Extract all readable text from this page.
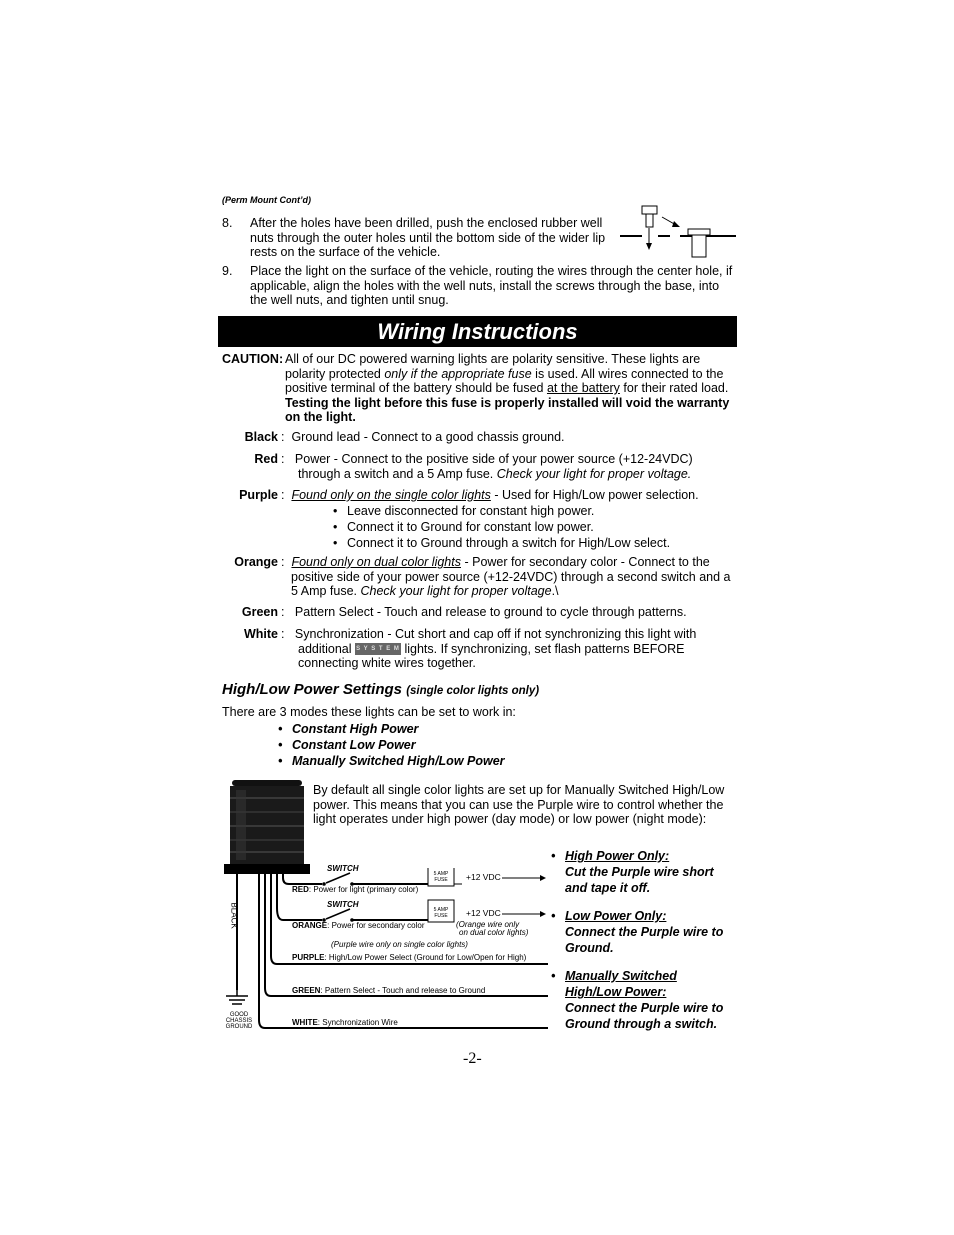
(Perm Mount Cont’d)
8. After the holes have been drilled, push the enclosed rubber well
nuts through the outer holes until the bottom side of the wider lip
rests on the surface of the vehicle.
9. Place the light on the surface of the vehicle, routing the wires through the center hole, if
applicable, align the holes with the well nuts, install the screws through the base, into
the well nuts, and tighten until snug.
Wiring Instructions
CAUTION: All of our DC powered warning lights are polarity sensitive. These lights are
polarity protected only if the appropriate fuse is used. All wires connected to the
positive terminal of the battery should be fused at the battery for their rated load.
Testing the light before this fuse is properly installed will void the warranty
on the light.
Black : Ground lead - Connect to a good chassis ground.
Red : Power - Connect to the positive side of your power source (+12-24VDC)
through a switch and a 5 Amp fuse. Check your light for proper voltage.
Purple : Found only on the single color lights - Used for High/Low power selection.
• Leave disconnected for constant high power.
• Connect it to Ground for constant low power.
• Connect it to Ground through a switch for High/Low select.
Orange : Found only on dual color lights - Power for secondary color - Connect to the
positive side of your power source (+12-24VDC) through a second switch and a
5 Amp fuse. Check your light for proper voltage.\
Green : Pattern Select - Touch and release to ground to cycle through patterns.
White : Synchronization - Cut short and cap off if not synchronizing this light with
additional S Y S T E M lights. If synchronizing, set flash patterns BEFORE
connecting white wires together.
High/Low Power Settings (single color lights only)
There are 3 modes these lights can be set to work in:
• Constant High Power
• Constant Low Power
• Manually Switched High/Low Power
By default all single color lights are set up for Manually Switched High/Low
power. This means that you can use the Purple wire to control whether the
light operates under high power (day mode) or low power (night mode):
SWITCH
5 AMP FUSE	+12 VDC
RED: Power for light (primary color)
SWITCH
5 AMP FUSE	+12 VDC
ORANGE: Power for secondary color	(Orange wire only
on dual color lights)
(Purple wire only on single color lights)
PURPLE: High/Low Power Select (Ground for Low/Open for High)
GREEN: Pattern Select - Touch and release to Ground
WHITE: Synchronization Wire
BLACK
GOOD
CHASSIS
GROUND
• High Power Only:
Cut the Purple wire short
and tape it off.
• Low Power Only:
Connect the Purple wire to
Ground.
• Manually Switched
High/Low Power:
Connect the Purple wire to
Ground through a switch.
-2-
